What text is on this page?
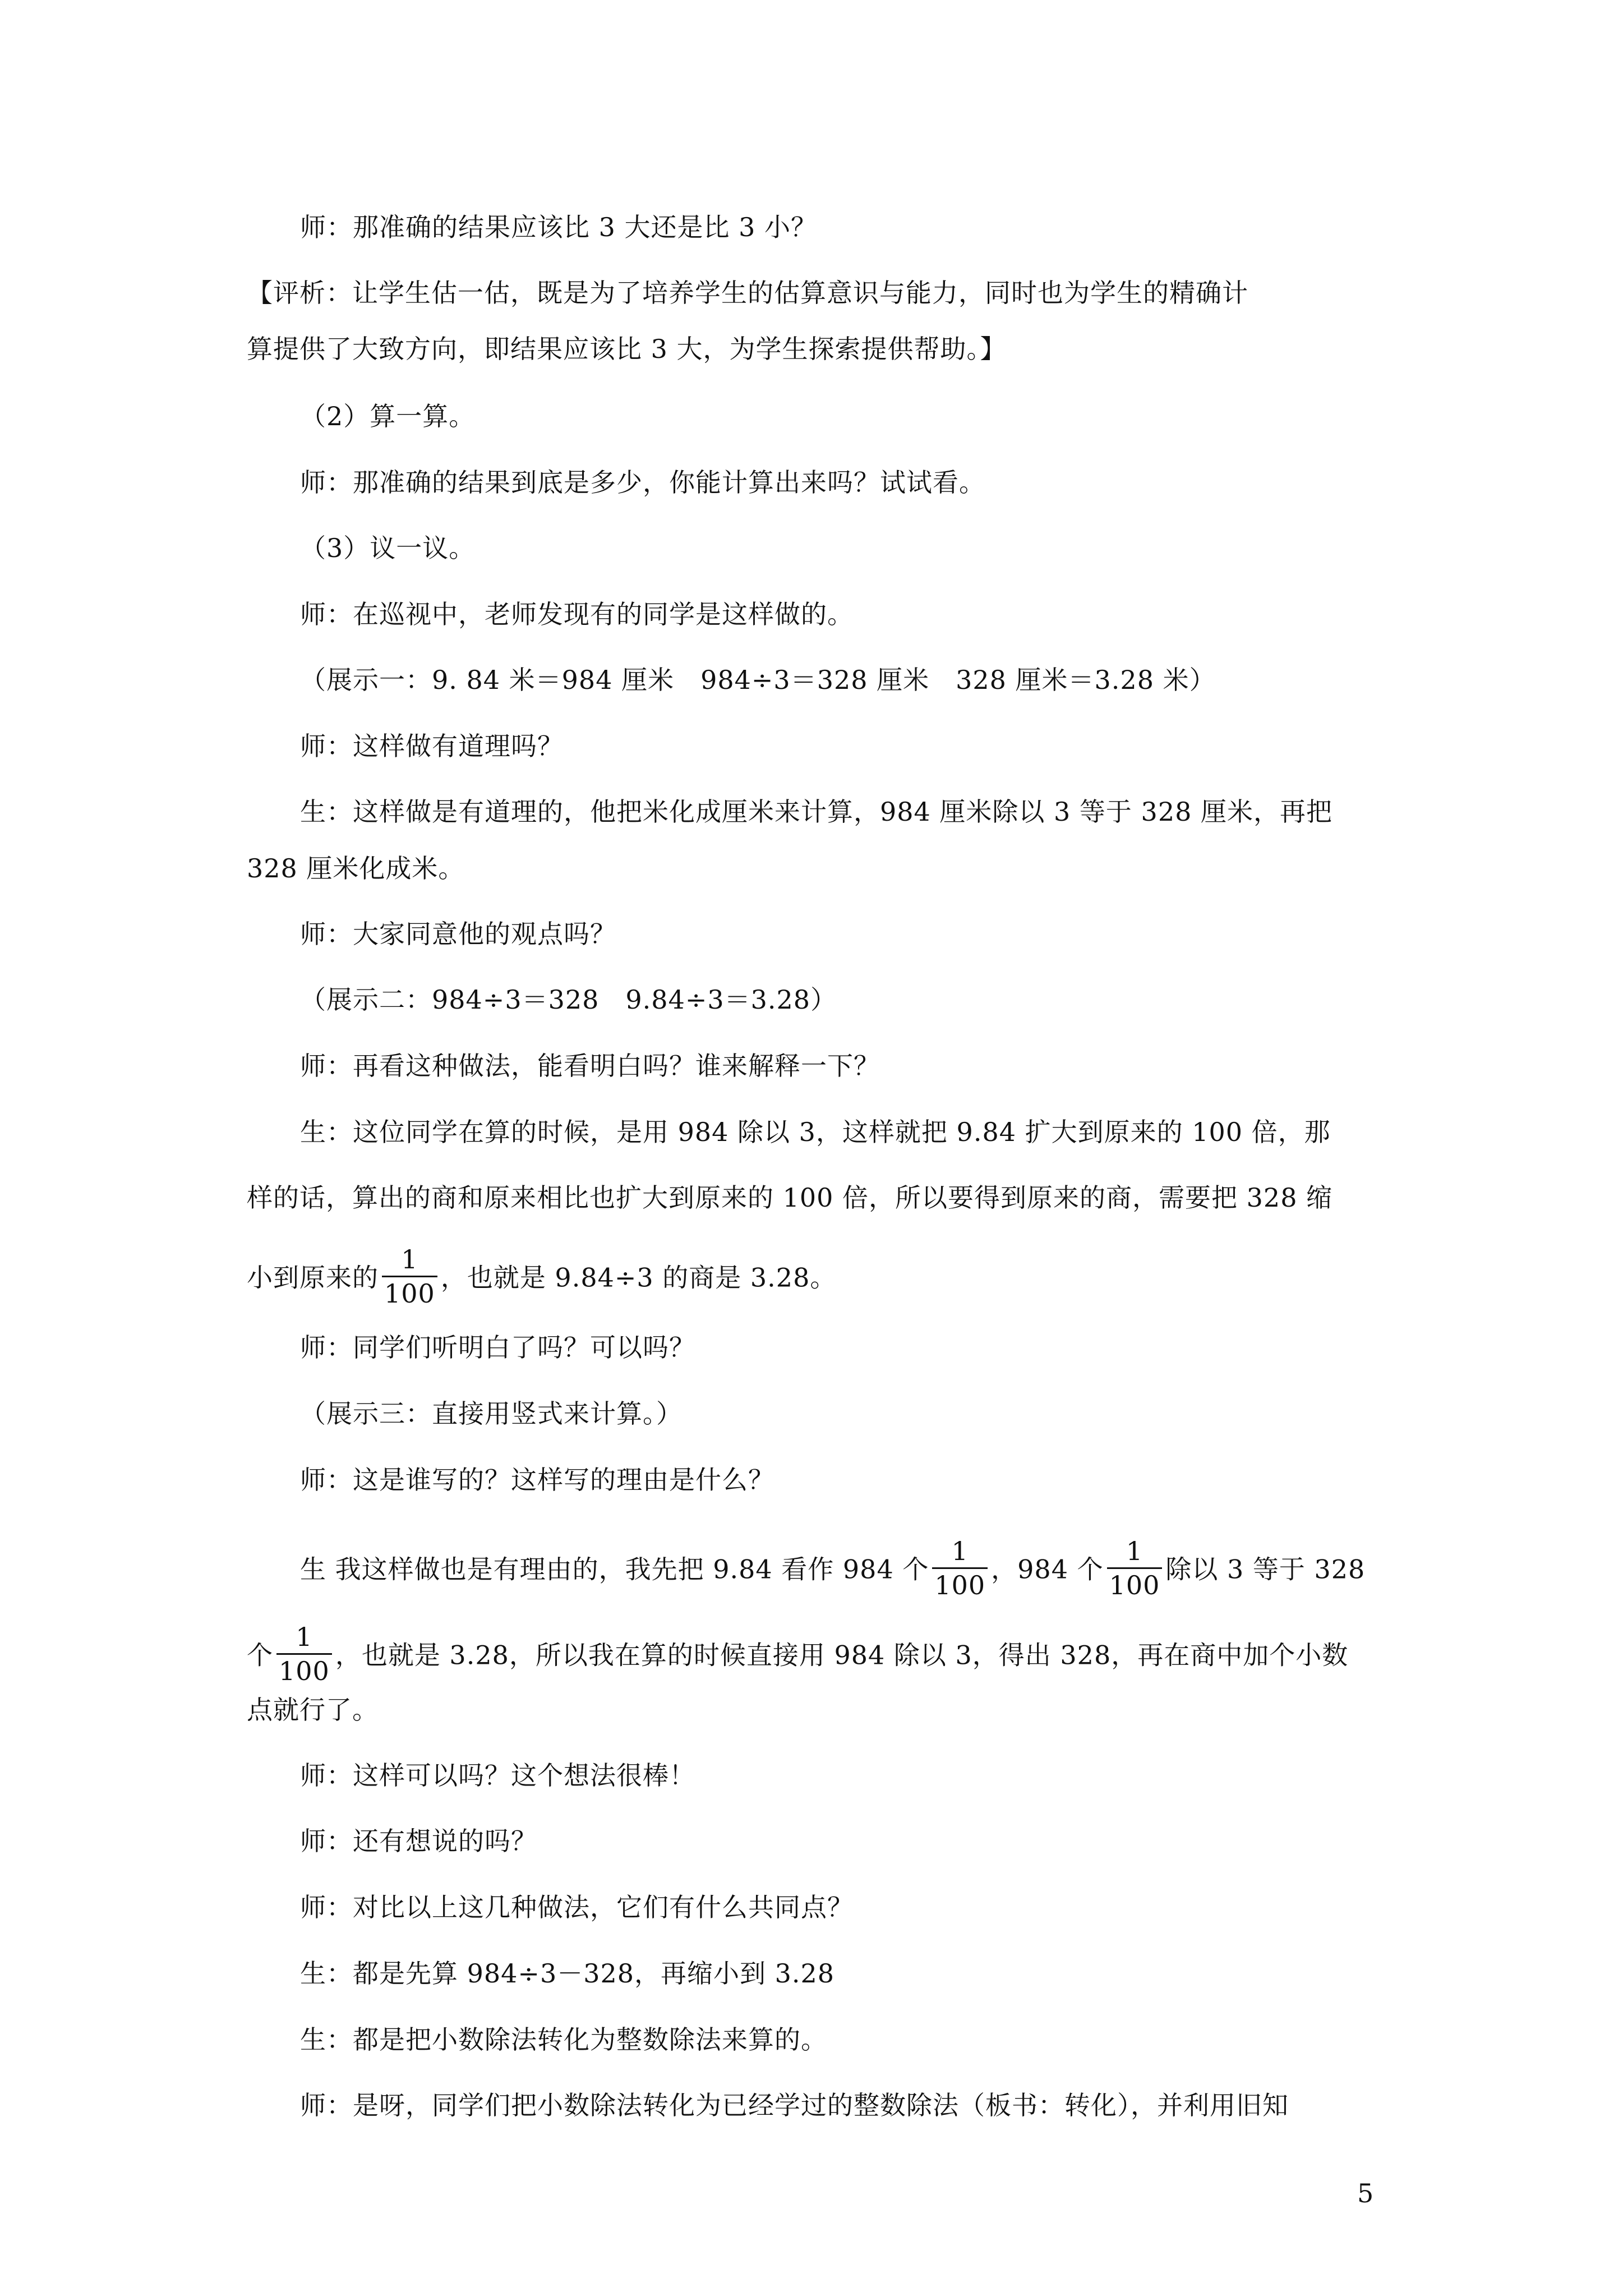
师：那准确的结果应该比 3 大还是比 3 小？
【评析：让学生估一估，既是为了培养学生的估算意识与能力，同时也为学生的精确计
算提供了大致方向，即结果应该比 3 大，为学生探索提供帮助。】
（2）算一算。
师：那准确的结果到底是多少，你能计算出来吗？试试看。
（3）议一议。
师：在巡视中，老师发现有的同学是这样做的。
（展示一：9. 84 米＝984 厘米　984÷3＝328 厘米　328 厘米＝3.28 米）
师：这样做有道理吗？
生：这样做是有道理的，他把米化成厘米来计算，984 厘米除以 3 等于 328 厘米，再把
328 厘米化成米。
师：大家同意他的观点吗？
（展示二：984÷3＝328　9.84÷3＝3.28）
师：再看这种做法，能看明白吗？谁来解释一下？
生：这位同学在算的时候，是用 984 除以 3，这样就把 9.84 扩大到原来的 100 倍，那
样的话，算出的商和原来相比也扩大到原来的 100 倍，所以要得到原来的商，需要把 328 缩
小到原来的 $\frac{1}{100}$ ，也就是 9.84÷3 的商是 3.28。
师：同学们听明白了吗？可以吗？
（展示三：直接用竖式来计算。）
师：这是谁写的？这样写的理由是什么？
生 我这样做也是有理由的，我先把 9.84 看作 984 个 $\frac{1}{100}$ ，984 个 $\frac{1}{100}$ 除以 3 等于 328
个 $\frac{1}{100}$ ，也就是 3.28，所以我在算的时候直接用 984 除以 3，得出 328，再在商中加个小数
点就行了。
师：这样可以吗？这个想法很棒！
师：还有想说的吗？
师：对比以上这几种做法，它们有什么共同点？
生：都是先算 984÷3－328，再缩小到 3.28
生：都是把小数除法转化为整数除法来算的。
师：是呀，同学们把小数除法转化为已经学过的整数除法（板书：转化），并利用旧知
5
